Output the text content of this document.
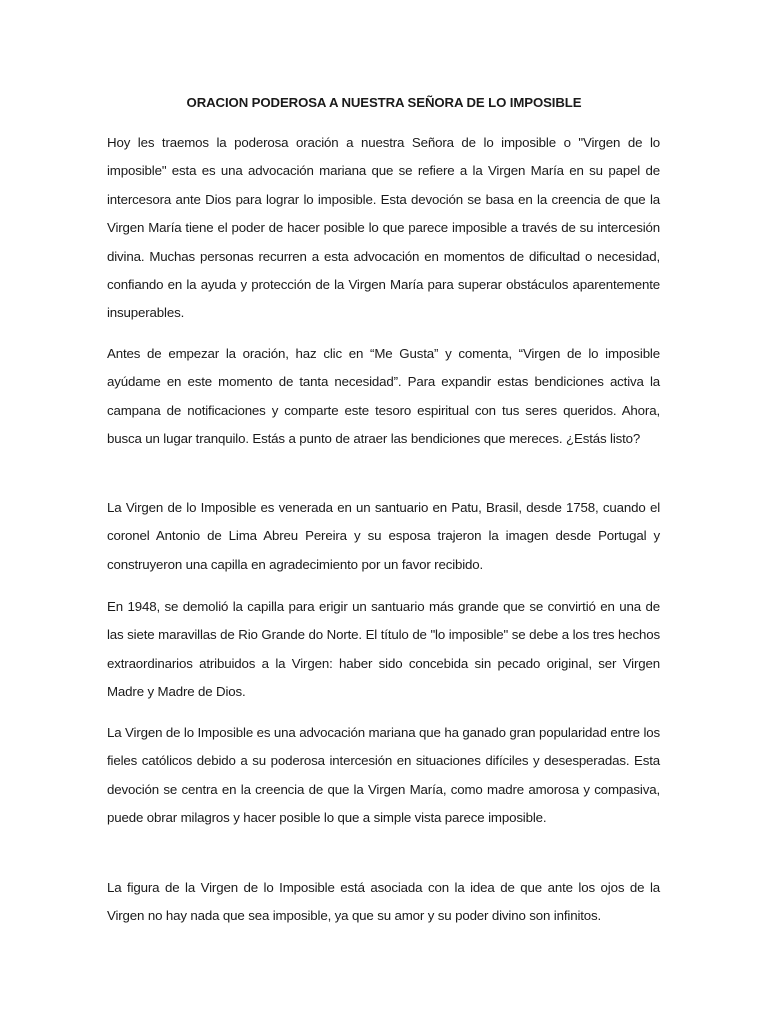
ORACION PODEROSA A NUESTRA SEÑORA DE LO IMPOSIBLE

Hoy les traemos la poderosa oración a nuestra Señora de lo imposible o "Virgen de lo imposible" esta es una advocación mariana que se refiere a la Virgen María en su papel de intercesora ante Dios para lograr lo imposible. Esta devoción se basa en la creencia de que la Virgen María tiene el poder de hacer posible lo que parece imposible a través de su intercesión divina. Muchas personas recurren a esta advocación en momentos de dificultad o necesidad, confiando en la ayuda y protección de la Virgen María para superar obstáculos aparentemente insuperables.

Antes de empezar la oración, haz clic en “Me Gusta” y comenta, “Virgen de lo imposible ayúdame en este momento de tanta necesidad”. Para expandir estas bendiciones activa la campana de notificaciones y comparte este tesoro espiritual con tus seres queridos. Ahora, busca un lugar tranquilo. Estás a punto de atraer las bendiciones que mereces. ¿Estás listo?

La Virgen de lo Imposible es venerada en un santuario en Patu, Brasil, desde 1758, cuando el coronel Antonio de Lima Abreu Pereira y su esposa trajeron la imagen desde Portugal y construyeron una capilla en agradecimiento por un favor recibido.

En 1948, se demolió la capilla para erigir un santuario más grande que se convirtió en una de las siete maravillas de Rio Grande do Norte. El título de "lo imposible" se debe a los tres hechos extraordinarios atribuidos a la Virgen: haber sido concebida sin pecado original, ser Virgen Madre y Madre de Dios.

La Virgen de lo Imposible es una advocación mariana que ha ganado gran popularidad entre los fieles católicos debido a su poderosa intercesión en situaciones difíciles y desesperadas. Esta devoción se centra en la creencia de que la Virgen María, como madre amorosa y compasiva, puede obrar milagros y hacer posible lo que a simple vista parece imposible.

La figura de la Virgen de lo Imposible está asociada con la idea de que ante los ojos de la Virgen no hay nada que sea imposible, ya que su amor y su poder divino son infinitos.
